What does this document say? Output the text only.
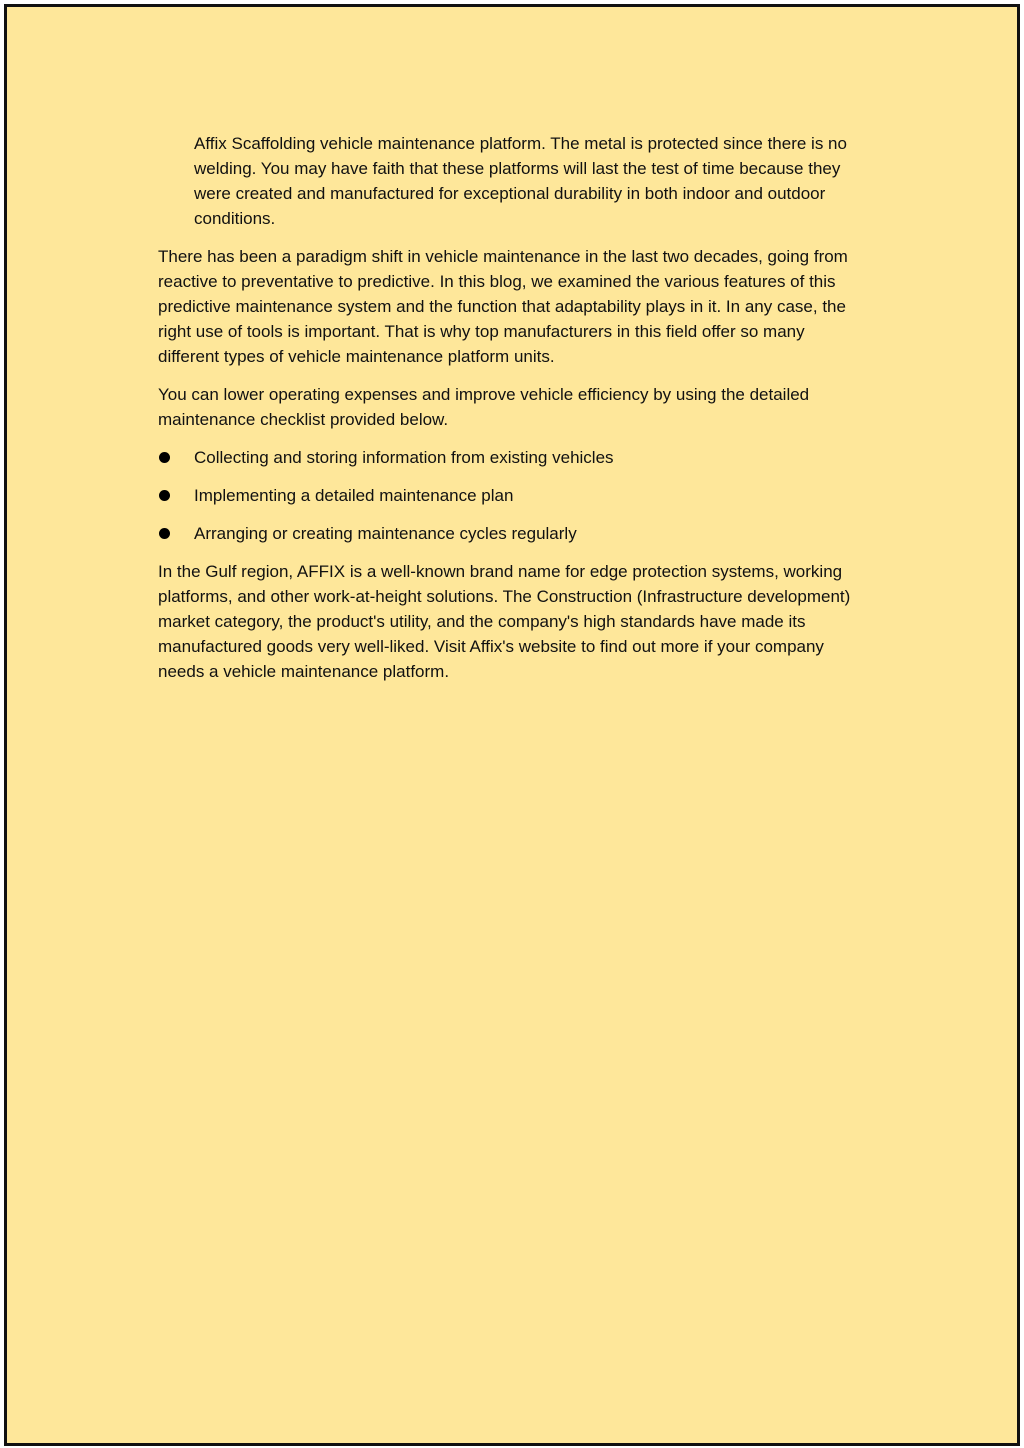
Affix Scaffolding vehicle maintenance platform. The metal is protected since there is no welding. You may have faith that these platforms will last the test of time because they were created and manufactured for exceptional durability in both indoor and outdoor conditions.

There has been a paradigm shift in vehicle maintenance in the last two decades, going from reactive to preventative to predictive. In this blog, we examined the various features of this predictive maintenance system and the function that adaptability plays in it. In any case, the right use of tools is important. That is why top manufacturers in this field offer so many different types of vehicle maintenance platform units.

You can lower operating expenses and improve vehicle efficiency by using the detailed maintenance checklist provided below.

Collecting and storing information from existing vehicles
Implementing a detailed maintenance plan
Arranging or creating maintenance cycles regularly

In the Gulf region, AFFIX is a well-known brand name for edge protection systems, working platforms, and other work-at-height solutions. The Construction (Infrastructure development) market category, the product's utility, and the company's high standards have made its manufactured goods very well-liked. Visit Affix's website to find out more if your company needs a vehicle maintenance platform.
